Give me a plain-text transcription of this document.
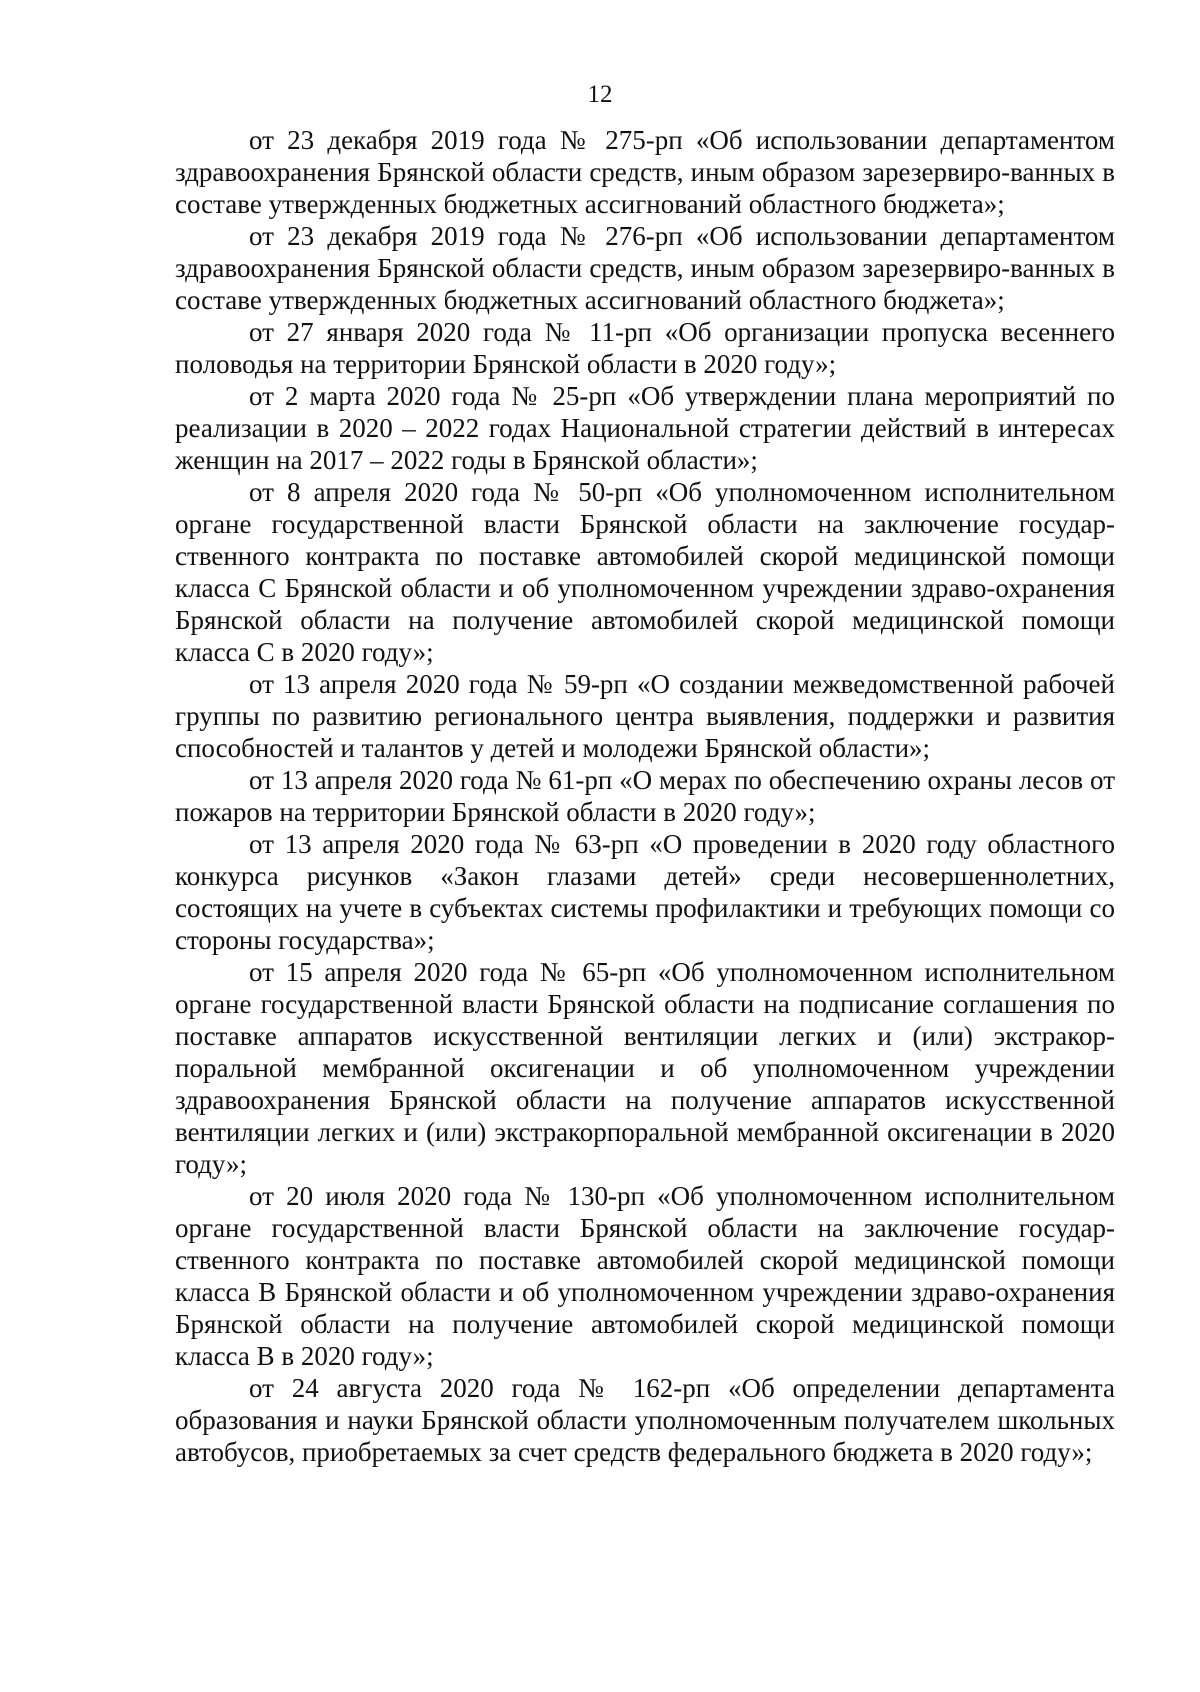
12

от 23 декабря 2019 года № 275-рп «Об использовании департаментом здравоохранения Брянской области средств, иным образом зарезервиро-ванных в составе утвержденных бюджетных ассигнований областного бюджета»;

от 23 декабря 2019 года № 276-рп «Об использовании департаментом здравоохранения Брянской области средств, иным образом зарезервиро-ванных в составе утвержденных бюджетных ассигнований областного бюджета»;

от 27 января 2020 года № 11-рп «Об организации пропуска весеннего половодья на территории Брянской области в 2020 году»;

от 2 марта 2020 года № 25-рп «Об утверждении плана мероприятий по реализации в 2020 – 2022 годах Национальной стратегии действий в интересах женщин на 2017 – 2022 годы в Брянской области»;

от 8 апреля 2020 года № 50-рп «Об уполномоченном исполнительном органе государственной власти Брянской области на заключение государ-ственного контракта по поставке автомобилей скорой медицинской помощи класса С Брянской области и об уполномоченном учреждении здраво-охранения Брянской области на получение автомобилей скорой медицинской помощи класса С в 2020 году»;

от 13 апреля 2020 года № 59-рп «О создании межведомственной рабочей группы по развитию регионального центра выявления, поддержки и развития способностей и талантов у детей и молодежи Брянской области»;

от 13 апреля 2020 года № 61-рп «О мерах по обеспечению охраны лесов от пожаров на территории Брянской области в 2020 году»;

от 13 апреля 2020 года № 63-рп «О проведении в 2020 году областного конкурса рисунков «Закон глазами детей» среди несовершеннолетних, состоящих на учете в субъектах системы профилактики и требующих помощи со стороны государства»;

от 15 апреля 2020 года № 65-рп «Об уполномоченном исполнительном органе государственной власти Брянской области на подписание соглашения по поставке аппаратов искусственной вентиляции легких и (или) экстракор-поральной мембранной оксигенации и об уполномоченном учреждении здравоохранения Брянской области на получение аппаратов искусственной вентиляции легких и (или) экстракорпоральной мембранной оксигенации в 2020 году»;

от 20 июля 2020 года № 130-рп «Об уполномоченном исполнительном органе государственной власти Брянской области на заключение государ-ственного контракта по поставке автомобилей скорой медицинской помощи класса В Брянской области и об уполномоченном учреждении здраво-охранения Брянской области на получение автомобилей скорой медицинской помощи класса В в 2020 году»;

от 24 августа 2020 года № 162-рп «Об определении департамента образования и науки Брянской области уполномоченным получателем школьных автобусов, приобретаемых за счет средств федерального бюджета в 2020 году»;
